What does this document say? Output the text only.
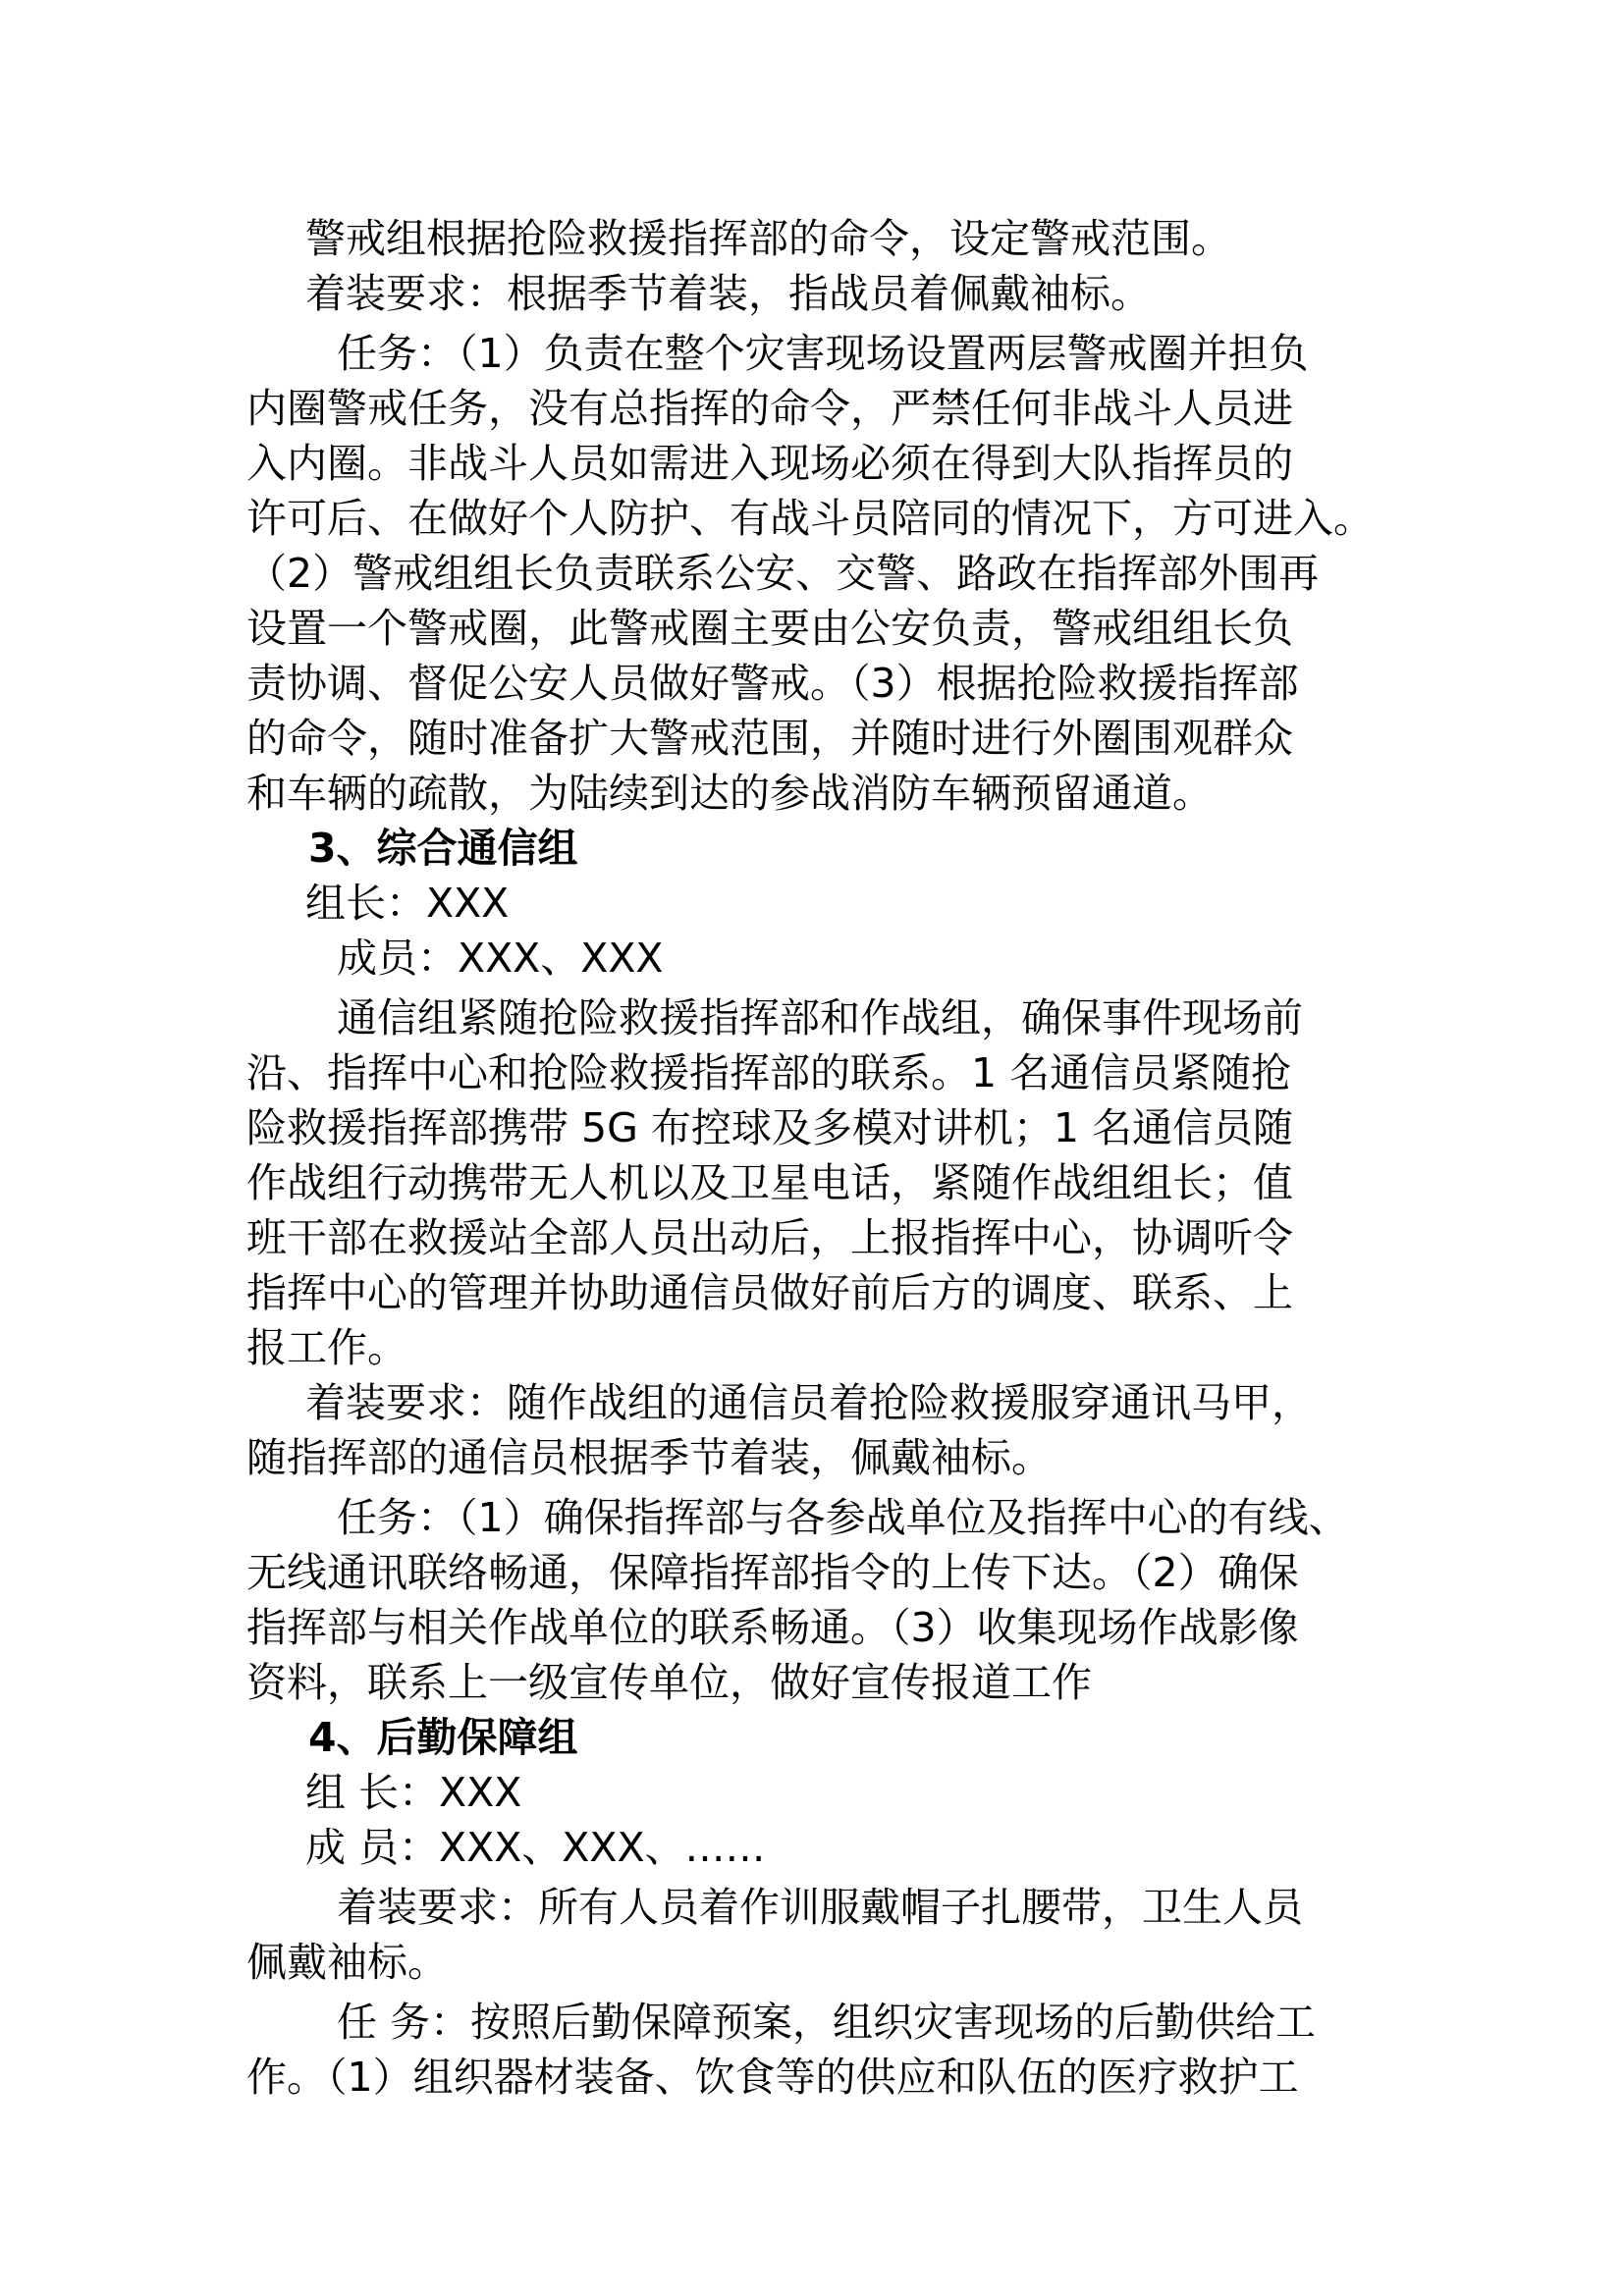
警戒组根据抢险救援指挥部的命令，设定警戒范围。
着装要求：根据季节着装，指战员着佩戴袖标。
任务：（1）负责在整个灾害现场设置两层警戒圈并担负
内圈警戒任务，没有总指挥的命令，严禁任何非战斗人员进
入内圈。非战斗人员如需进入现场必须在得到大队指挥员的
许可后、在做好个人防护、有战斗员陪同的情况下，方可进入。
（2）警戒组组长负责联系公安、交警、路政在指挥部外围再
设置一个警戒圈，此警戒圈主要由公安负责，警戒组组长负
责协调、督促公安人员做好警戒。（3）根据抢险救援指挥部
的命令，随时准备扩大警戒范围，并随时进行外圈围观群众
和车辆的疏散，为陆续到达的参战消防车辆预留通道。
3、综合通信组
组长：XXX
成员：XXX、XXX
通信组紧随抢险救援指挥部和作战组，确保事件现场前
沿、指挥中心和抢险救援指挥部的联系。1 名通信员紧随抢
险救援指挥部携带 5G 布控球及多模对讲机；1 名通信员随
作战组行动携带无人机以及卫星电话，紧随作战组组长；值
班干部在救援站全部人员出动后，上报指挥中心，协调听令
指挥中心的管理并协助通信员做好前后方的调度、联系、上
报工作。
着装要求：随作战组的通信员着抢险救援服穿通讯马甲，
随指挥部的通信员根据季节着装，佩戴袖标。
任务：（1）确保指挥部与各参战单位及指挥中心的有线、
无线通讯联络畅通，保障指挥部指令的上传下达。（2）确保
指挥部与相关作战单位的联系畅通。（3）收集现场作战影像
资料，联系上一级宣传单位，做好宣传报道工作
4、后勤保障组
组 长：XXX
成 员：XXX、XXX、……
着装要求：所有人员着作训服戴帽子扎腰带，卫生人员
佩戴袖标。
任 务：按照后勤保障预案，组织灾害现场的后勤供给工
作。（1）组织器材装备、饮食等的供应和队伍的医疗救护工
